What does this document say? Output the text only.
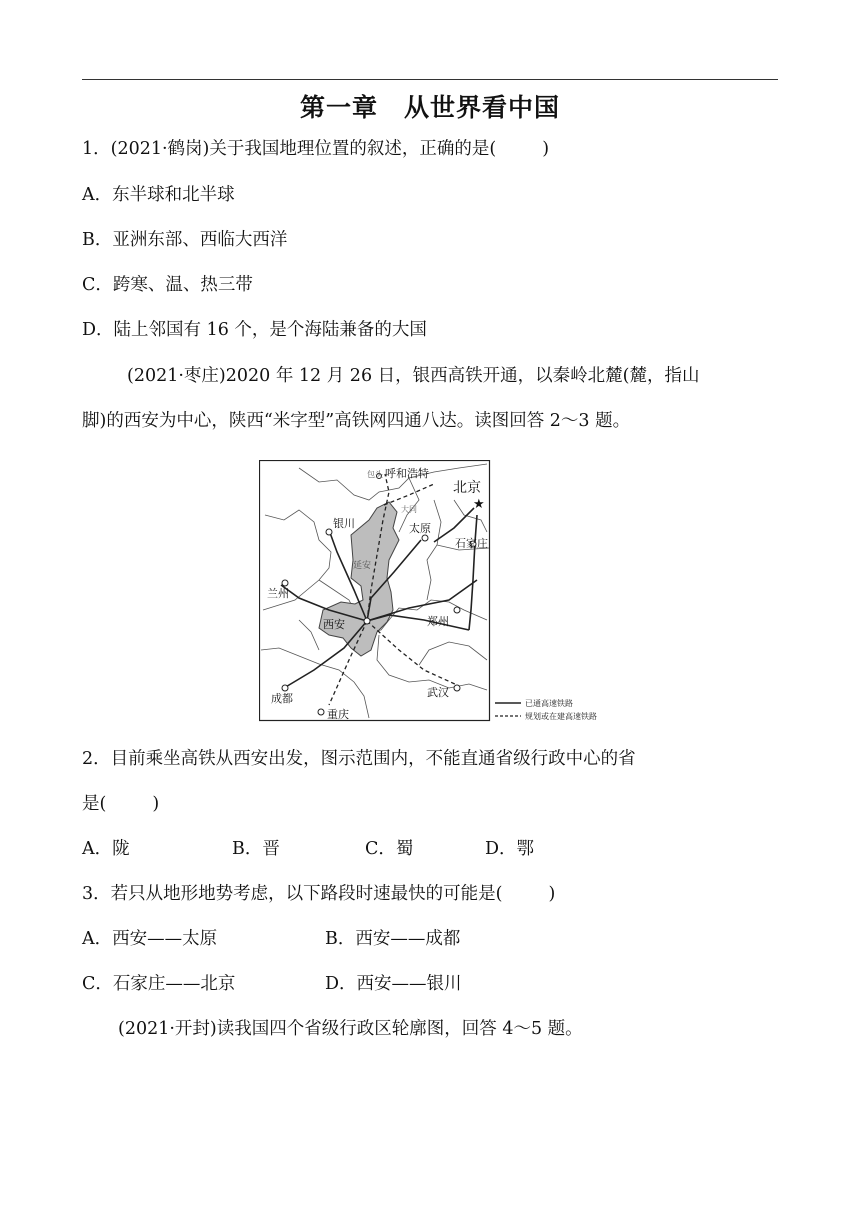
第一章　从世界看中国
1．(2021·鹤岗)关于我国地理位置的叙述，正确的是(	)
A．东半球和北半球
B．亚洲东部、西临大西洋
C．跨寒、温、热三带
D．陆上邻国有 16 个，是个海陆兼备的大国
(2021·枣庄)2020 年 12 月 26 日，银西高铁开通，以秦岭北麓(麓，指山
脚)的西安为中心，陕西“米字型”高铁网四通八达。读图回答 2～3 题。
包头 呼和浩特
北京
大同
银川	太原
石家庄
延安
兰州
西安	郑州
成都	武汉
重庆
★
已通高速铁路
规划或在建高速铁路
2．目前乘坐高铁从西安出发，图示范围内，不能直通省级行政中心的省
是(	)
A．陇	B．晋	C．蜀	D．鄂
3．若只从地形地势考虑，以下路段时速最快的可能是(	)
A．西安——太原	B．西安——成都
C．石家庄——北京	D．西安——银川
(2021·开封)读我国四个省级行政区轮廓图，回答 4～5 题。
